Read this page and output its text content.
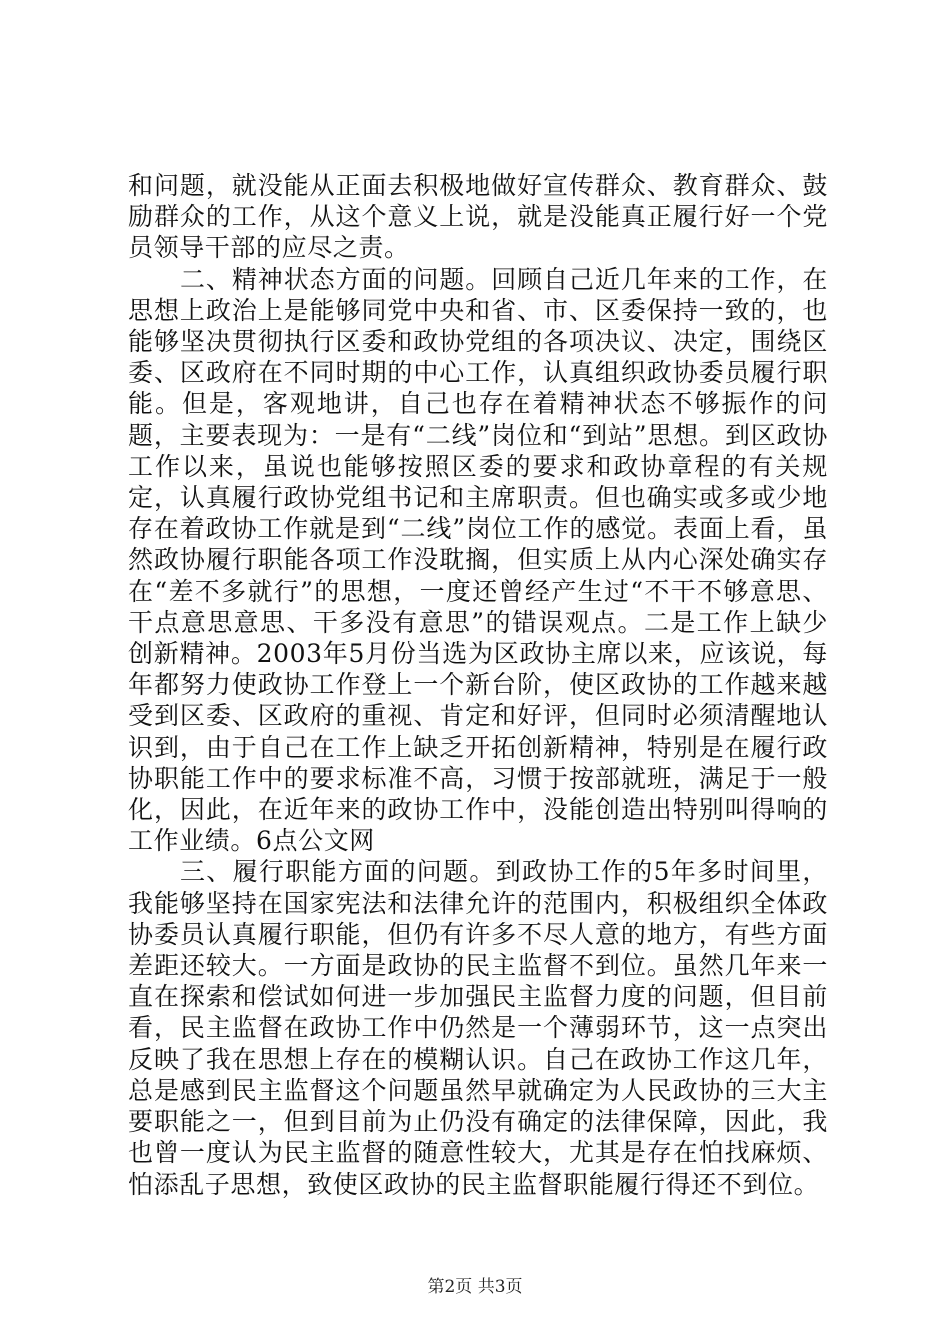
和问题，就没能从正面去积极地做好宣传群众、教育群众、鼓励群众的工作，从这个意义上说，就是没能真正履行好一个党员领导干部的应尽之责。

二、精神状态方面的问题。回顾自己近几年来的工作，在思想上政治上是能够同党中央和省、市、区委保持一致的，也能够坚决贯彻执行区委和政协党组的各项决议、决定，围绕区委、区政府在不同时期的中心工作，认真组织政协委员履行职能。但是，客观地讲，自己也存在着精神状态不够振作的问题，主要表现为：一是有“二线”岗位和“到站”思想。到区政协工作以来，虽说也能够按照区委的要求和政协章程的有关规定，认真履行政协党组书记和主席职责。但也确实或多或少地存在着政协工作就是到“二线”岗位工作的感觉。表面上看，虽然政协履行职能各项工作没耽搁，但实质上从内心深处确实存在“差不多就行”的思想，一度还曾经产生过“不干不够意思、干点意思意思、干多没有意思”的错误观点。二是工作上缺少创新精神。2003年5月份当选为区政协主席以来，应该说，每年都努力使政协工作登上一个新台阶，使区政协的工作越来越受到区委、区政府的重视、肯定和好评，但同时必须清醒地认识到，由于自己在工作上缺乏开拓创新精神，特别是在履行政协职能工作中的要求标准不高，习惯于按部就班，满足于一般化，因此，在近年来的政协工作中，没能创造出特别叫得响的工作业绩。6点公文网

三、履行职能方面的问题。到政协工作的5年多时间里，我能够坚持在国家宪法和法律允许的范围内，积极组织全体政协委员认真履行职能，但仍有许多不尽人意的地方，有些方面差距还较大。一方面是政协的民主监督不到位。虽然几年来一直在探索和偿试如何进一步加强民主监督力度的问题，但目前看，民主监督在政协工作中仍然是一个薄弱环节，这一点突出反映了我在思想上存在的模糊认识。自己在政协工作这几年，总是感到民主监督这个问题虽然早就确定为人民政协的三大主要职能之一，但到目前为止仍没有确定的法律保障，因此，我也曾一度认为民主监督的随意性较大，尤其是存在怕找麻烦、怕添乱子思想，致使区政协的民主监督职能履行得还不到位。

第2页 共3页
